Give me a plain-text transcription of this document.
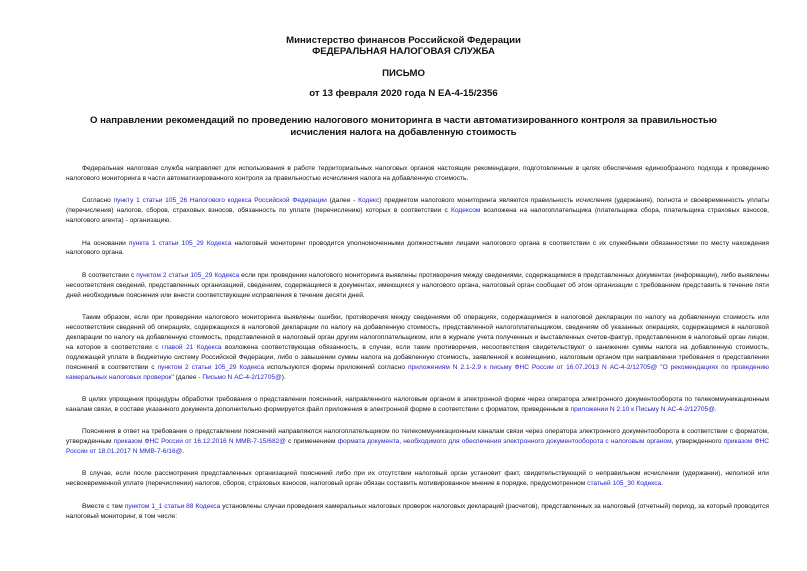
Министерство финансов Российской Федерации
ФЕДЕРАЛЬНАЯ НАЛОГОВАЯ СЛУЖБА
ПИСЬМО
от 13 февраля 2020 года N ЕА-4-15/2356
О направлении рекомендаций по проведению налогового мониторинга в части автоматизированного контроля за правильностью исчисления налога на добавленную стоимость

Федеральная налоговая служба направляет для использования в работе территориальных налоговых органов настоящие рекомендации, подготовленные в целях обеспечения единообразного подхода к проведению налогового мониторинга в части автоматизированного контроля за правильностью исчисления налога на добавленную стоимость.

Согласно пункту 1 статьи 105_26 Налогового кодекса Российской Федерации (далее - Кодекс) предметом налогового мониторинга являются правильность исчисления (удержания), полнота и своевременность уплаты (перечисления) налогов, сборов, страховых взносов, обязанность по уплате (перечислению) которых в соответствии с Кодексом возложена на налогоплательщика (плательщика сбора, плательщика страховых взносов, налогового агента) - организацию.

На основании пункта 1 статьи 105_29 Кодекса налоговый мониторинг проводится уполномоченными должностными лицами налогового органа в соответствии с их служебными обязанностями по месту нахождения налогового органа.

В соответствии с пунктом 2 статьи 105_29 Кодекса если при проведении налогового мониторинга выявлены противоречия между сведениями, содержащимися в представленных документах (информации), либо выявлены несоответствия сведений, представленных организацией, сведениям, содержащимся в документах, имеющихся у налогового органа, налоговый орган сообщает об этом организации с требованием представить в течение пяти дней необходимые пояснения или внести соответствующие исправления в течение десяти дней.

Таким образом, если при проведении налогового мониторинга выявлены ошибки, противоречия между сведениями об операциях, содержащимися в налоговой декларации по налогу на добавленную стоимость или несоответствия сведений об операциях, содержащихся в налоговой декларации по налогу на добавленную стоимость, представленной налогоплательщиком, сведениям об указанных операциях, содержащимся в налоговой декларации по налогу на добавленную стоимость, представленной в налоговый орган другим налогоплательщиком, или в журнале учета полученных и выставленных счетов-фактур, представленном в налоговый орган лицом, на которое в соответствии с главой 21 Кодекса возложена соответствующая обязанность, в случае, если такие противоречия, несоответствия свидетельствуют о занижении суммы налога на добавленную стоимость, подлежащей уплате в бюджетную систему Российской Федерации, либо о завышении суммы налога на добавленную стоимость, заявленной к возмещению, налоговым органом при направлении требования о представлении пояснений в соответствии с пунктом 2 статьи 105_29 Кодекса используются формы приложений согласно приложениям N 2.1-2.9 к письму ФНС России от 16.07.2013 N АС-4-2/12705@ "О рекомендациях по проведению камеральных налоговых проверок" (далее - Письмо N АС-4-2/12705@).

В целях упрощения процедуры обработки требования о представлении пояснений, направленного налоговым органом в электронной форме через оператора электронного документооборота по телекоммуникационным каналам связи, в составе указанного документа дополнительно формируется файл приложения в электронной форме в соответствии с форматом, приведенным в приложении N 2.10 к Письму N АС-4-2/12705@.

Пояснения в ответ на требование о представлении пояснений направляются налогоплательщиком по телекоммуникационным каналам связи через оператора электронного документооборота в соответствии с форматом, утвержденным приказом ФНС России от 16.12.2016 N ММВ-7-15/682@ с применением формата документа, необходимого для обеспечения электронного документооборота с налоговым органом, утвержденного приказом ФНС России от 18.01.2017 N ММВ-7-6/16@.

В случае, если после рассмотрения представленных организацией пояснений либо при их отсутствии налоговый орган установит факт, свидетельствующий о неправильном исчислении (удержании), неполной или несвоевременной уплате (перечислении) налогов, сборов, страховых взносов, налоговый орган обязан составить мотивированное мнение в порядке, предусмотренном статьей 105_30 Кодекса.

Вместе с тем пунктом 1_1 статьи 88 Кодекса установлены случаи проведения камеральных налоговых проверок налоговых деклараций (расчетов), представленных за налоговый (отчетный) период, за который проводится налоговый мониторинг, в том числе:
